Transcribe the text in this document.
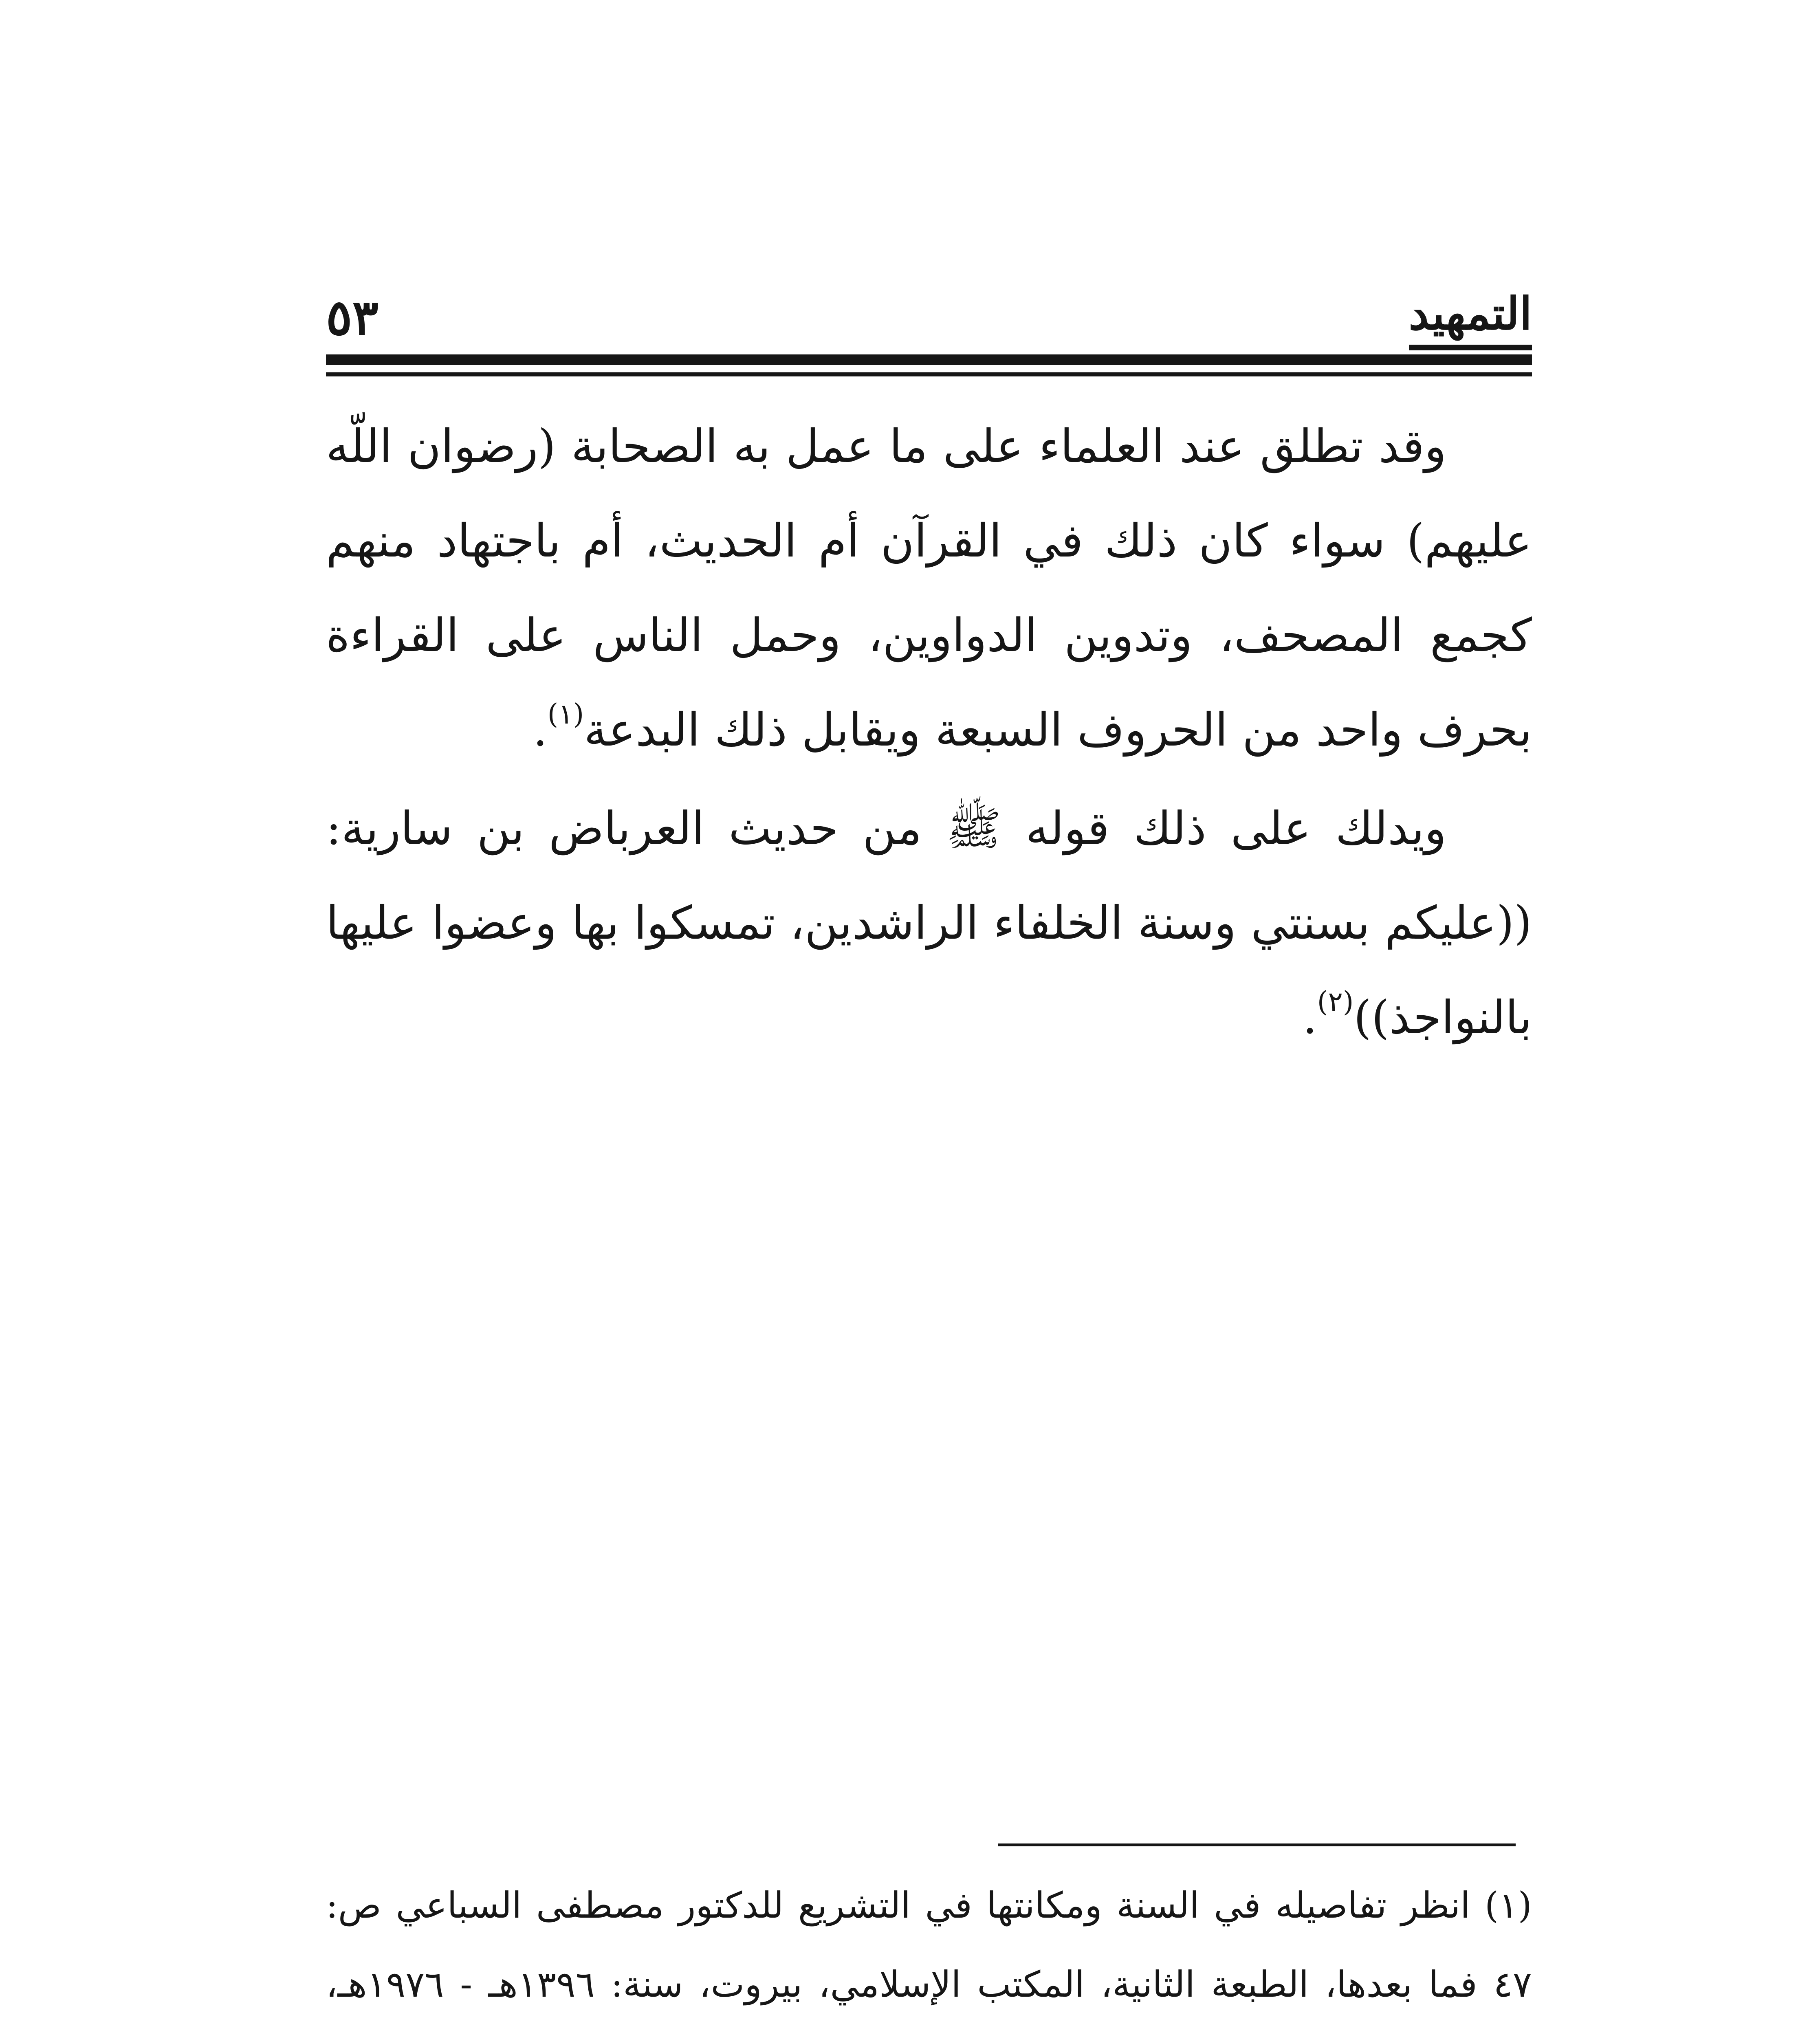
٥٣	التمهيد

وقد تطلق عند العلماء على ما عمل به الصحابة (رضوان اللّه عليهم) سواء كان ذلك في القرآن أم الحديث، أم باجتهاد منهم كجمع المصحف، وتدوين الدواوين، وحمل الناس على القراءة بحرف واحد من الحروف السبعة ويقابل ذلك البدعة$^{(١)}$.

ويدلك على ذلك قوله ﷺ من حديث العرباض بن سارية: ((عليكم بسنتي وسنة الخلفاء الراشدين، تمسكوا بها وعضوا عليها بالنواجذ))$^{(٢)}$.

(١) انظر تفاصيله في السنة ومكانتها في التشريع للدكتور مصطفى السباعي ص: ٤٧ فما بعدها، الطبعة الثانية، المكتب الإسلامي، بيروت، سنة: ١٣٩٦هـ - ١٩٧٦هـ،
